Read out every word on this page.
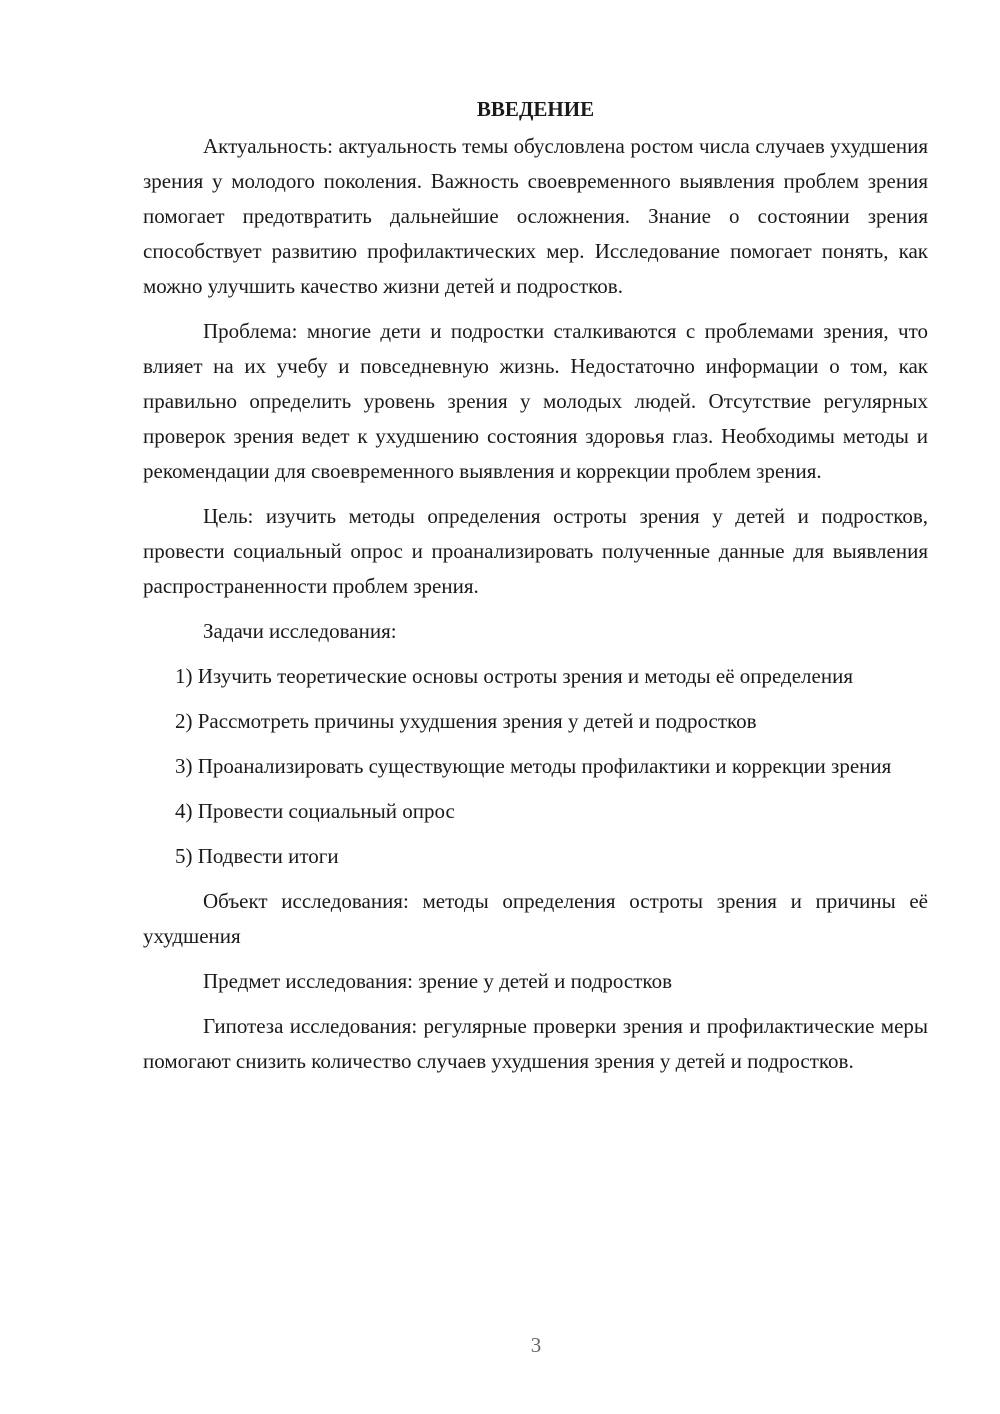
ВВЕДЕНИЕ

Актуальность: актуальность темы обусловлена ростом числа случаев ухудшения зрения у молодого поколения. Важность своевременного выявления проблем зрения помогает предотвратить дальнейшие осложнения. Знание о состоянии зрения способствует развитию профилактических мер. Исследование помогает понять, как можно улучшить качество жизни детей и подростков.

Проблема: многие дети и подростки сталкиваются с проблемами зрения, что влияет на их учебу и повседневную жизнь. Недостаточно информации о том, как правильно определить уровень зрения у молодых людей. Отсутствие регулярных проверок зрения ведет к ухудшению состояния здоровья глаз. Необходимы методы и рекомендации для своевременного выявления и коррекции проблем зрения.

Цель: изучить методы определения остроты зрения у детей и подростков, провести социальный опрос и проанализировать полученные данные для выявления распространенности проблем зрения.

Задачи исследования:

1) Изучить теоретические основы остроты зрения и методы её определения

2) Рассмотреть причины ухудшения зрения у детей и подростков

3) Проанализировать существующие методы профилактики и коррекции зрения

4) Провести социальный опрос

5) Подвести итоги

Объект исследования: методы определения остроты зрения и причины её ухудшения

Предмет исследования: зрение у детей и подростков

Гипотеза исследования: регулярные проверки зрения и профилактические меры помогают снизить количество случаев ухудшения зрения у детей и подростков.

3
